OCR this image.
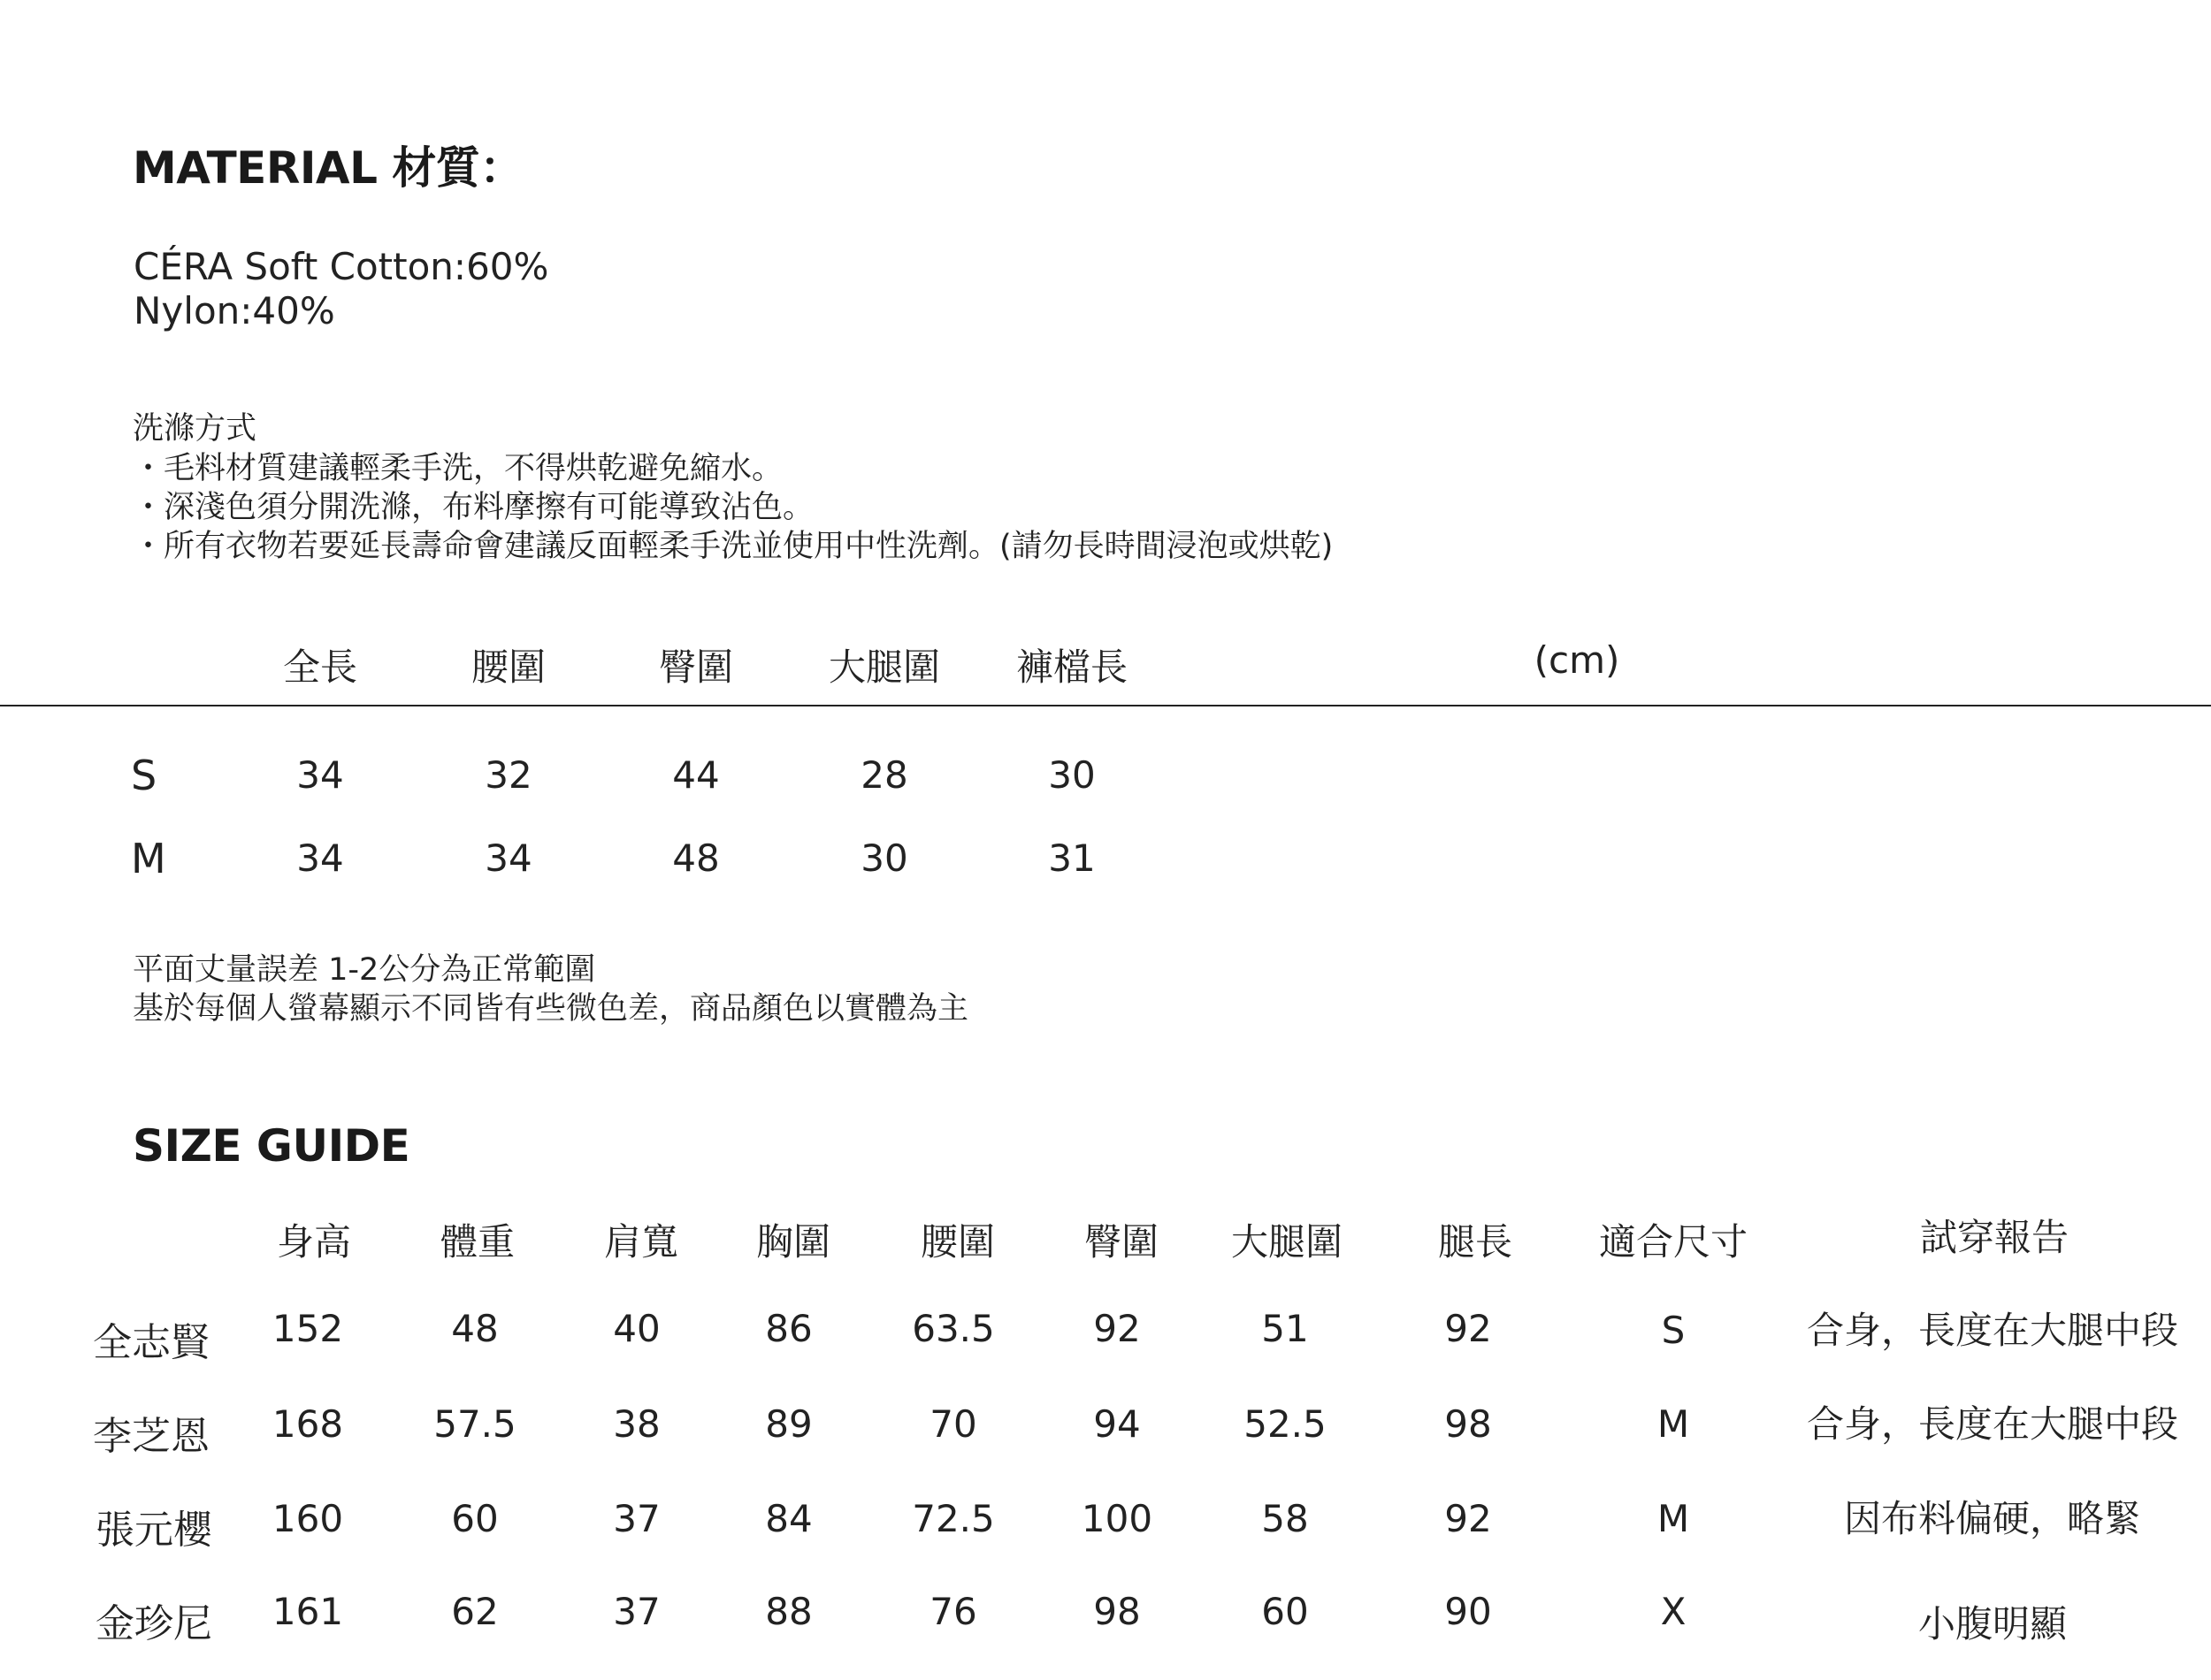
MATERIAL 材質：
CÉRA Soft Cotton:60%
Nylon:40%
洗滌方式
・毛料材質建議輕柔手洗，不得烘乾避免縮水。
・深淺色須分開洗滌，布料摩擦有可能導致沾色。
・所有衣物若要延長壽命會建議反面輕柔手洗並使用中性洗劑。(請勿長時間浸泡或烘乾)
全長	腰圍	臀圍	大腿圍 褲檔長	(cm)
S	34	32	44	28	30
M	34	34	48	30	31
平面丈量誤差 1-2公分為正常範圍
基於每個人螢幕顯示不同皆有些微色差，商品顏色以實體為主
SIZE GUIDE
身高 體重 肩寬 胸圍 腰圍 臀圍 大腿圍	腿長 適合尺寸	試穿報告
全志賢 152	48	40	86	63.5	92	51	92	S	合身，長度在大腿中段
李芝恩 168 57.5	38	89	70	94	52.5	98	M	合身，長度在大腿中段
張元櫻 160	60	37	84	72.5 100	58	92	M	因布料偏硬，略緊
金珍尼 161	62	37	88	76	98	60	90	X	小腹明顯
